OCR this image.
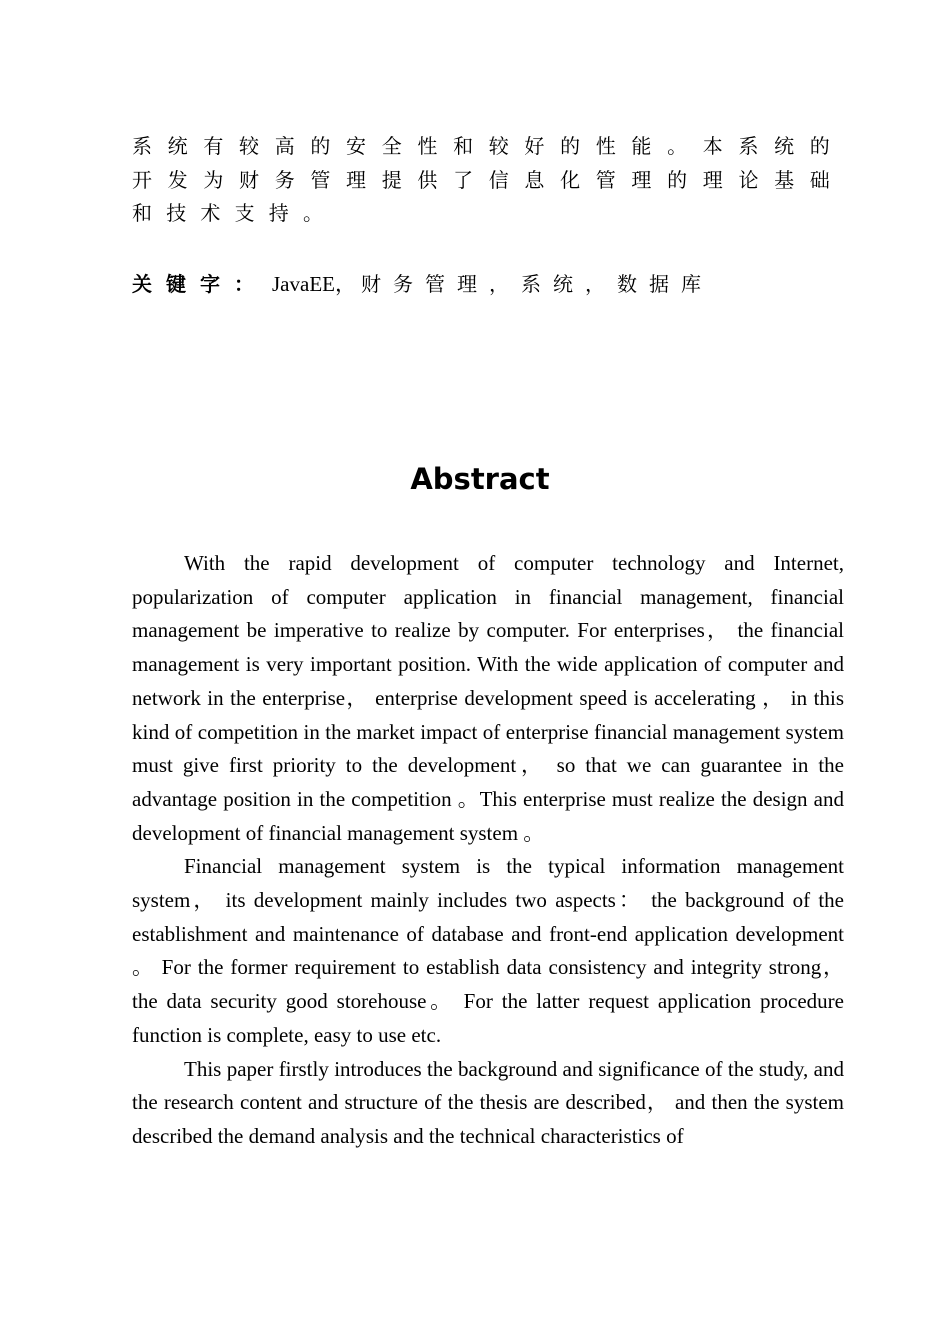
系统有较高的安全性和较好的性能。本系统的开发为财务管理提供了信息化管理的理论基础和技术支持。

关键字： JavaEE， 财务管理，系统，数据库

Abstract

With the rapid development of computer technology and Internet, popularization of computer application in financial management, financial management be imperative to realize by computer. For enterprises， the financial management is very important position. With the wide application of computer and network in the enterprise， enterprise development speed is accelerating ， in this kind of competition in the market impact of enterprise financial management system must give first priority to the development， so that we can guarantee in the advantage position in the competition 。This enterprise must realize the design and development of financial management system 。

Financial management system is the typical information management system， its development mainly includes two aspects： the background of the establishment and maintenance of database and front-end application development 。 For the former requirement to establish data consistency and integrity strong， the data security good storehouse。 For the latter request application procedure function is complete, easy to use etc.

This paper firstly introduces the background and significance of the study, and the research content and structure of the thesis are described， and then the system described the demand analysis and the technical characteristics of
